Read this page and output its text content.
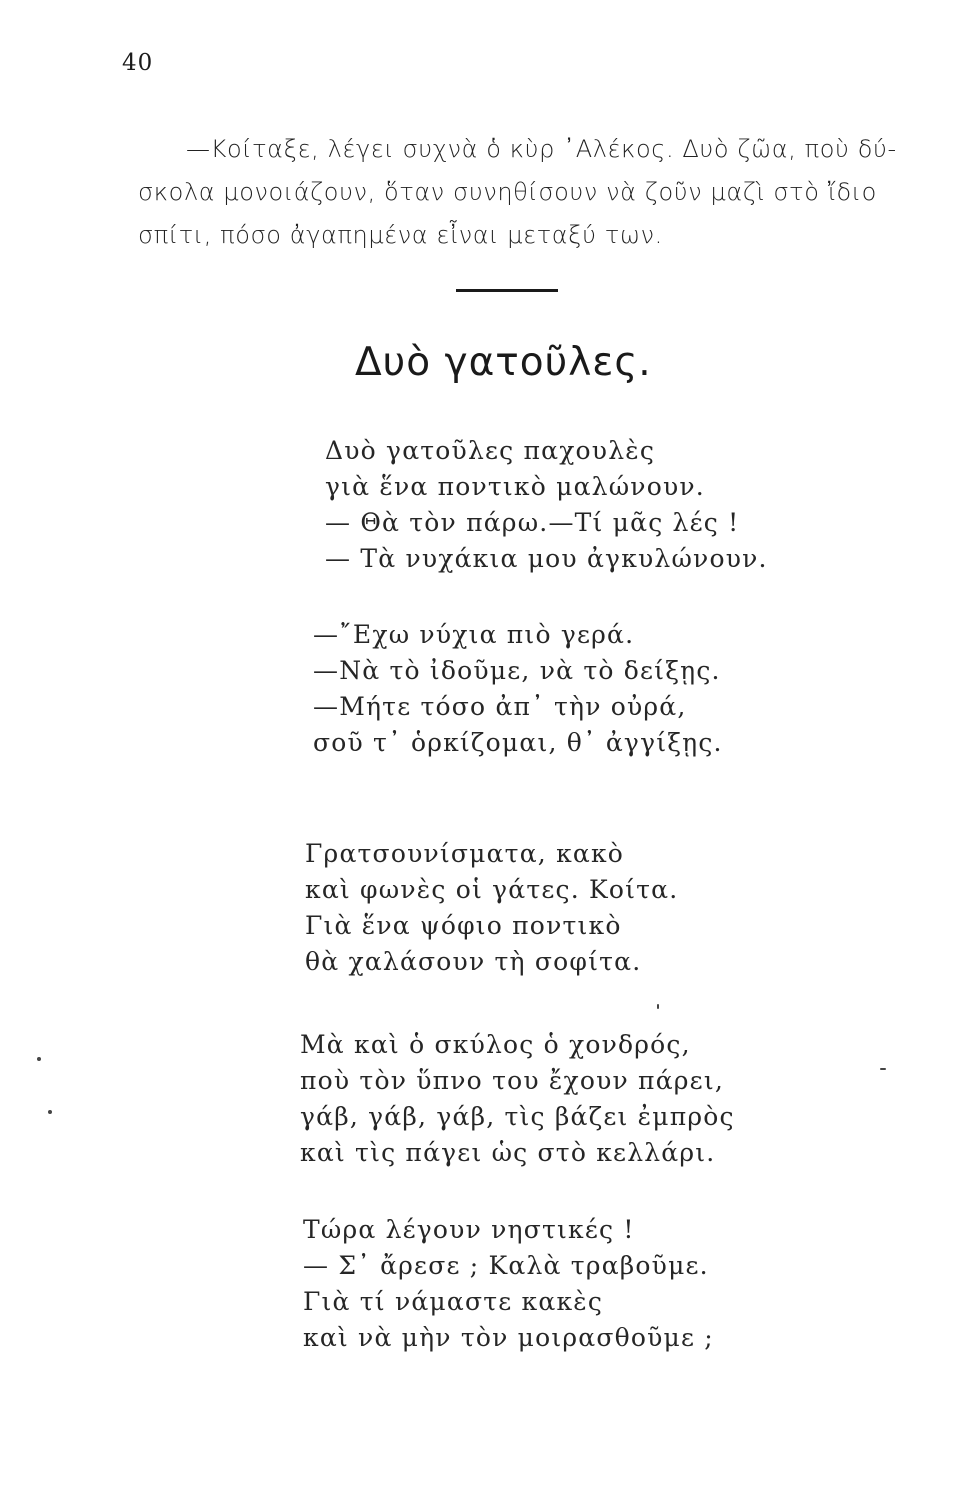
40
—Κοίταξε, λέγει συχνὰ ὁ κὺρ ᾿Αλέκος. Δυὸ ζῶα, ποὺ δύ-
σκολα μονοιάζουν, ὅταν συνηθίσουν νὰ ζοῦν μαζὶ στὸ ἴδιο
σπίτι, πόσο ἀγαπημένα εἶναι μεταξύ των.
Δυὸ γατοῦλες.
Δυὸ γατοῦλες παχουλὲς
γιὰ ἕνα ποντικὸ μαλώνουν.
— Θὰ τὸν πάρω.—Τί μᾶς λές !
— Τὰ νυχάκια μου ἀγκυλώνουν.
—῎Εχω νύχια πιὸ γερά.
—Νὰ τὸ ἰδοῦμε, νὰ τὸ δείξῃς.
—Μήτε τόσο ἀπ᾿ τὴν οὐρά,
σοῦ τ᾿ ὁρκίζομαι, θ᾿ ἀγγίξῃς.
Γρατσουνίσματα, κακὸ
καὶ φωνὲς οἱ γάτες. Κοίτα.
Γιὰ ἕνα ψόφιο ποντικὸ
θὰ χαλάσουν τὴ σοφίτα.
Μὰ καὶ ὁ σκύλος ὁ χονδρός,
ποὺ τὸν ὕπνο του ἔχουν πάρει,
γάβ, γάβ, γάβ, τὶς βάζει ἐμπρὸς
καὶ τὶς πάγει ὡς στὸ κελλάρι.
Τώρα λέγουν νηστικές !
— Σ᾿ ἄρεσε ; Καλὰ τραβοῦμε.
Γιὰ τί νάμαστε κακὲς
καὶ νὰ μὴν τὸν μοιρασθοῦμε ;
